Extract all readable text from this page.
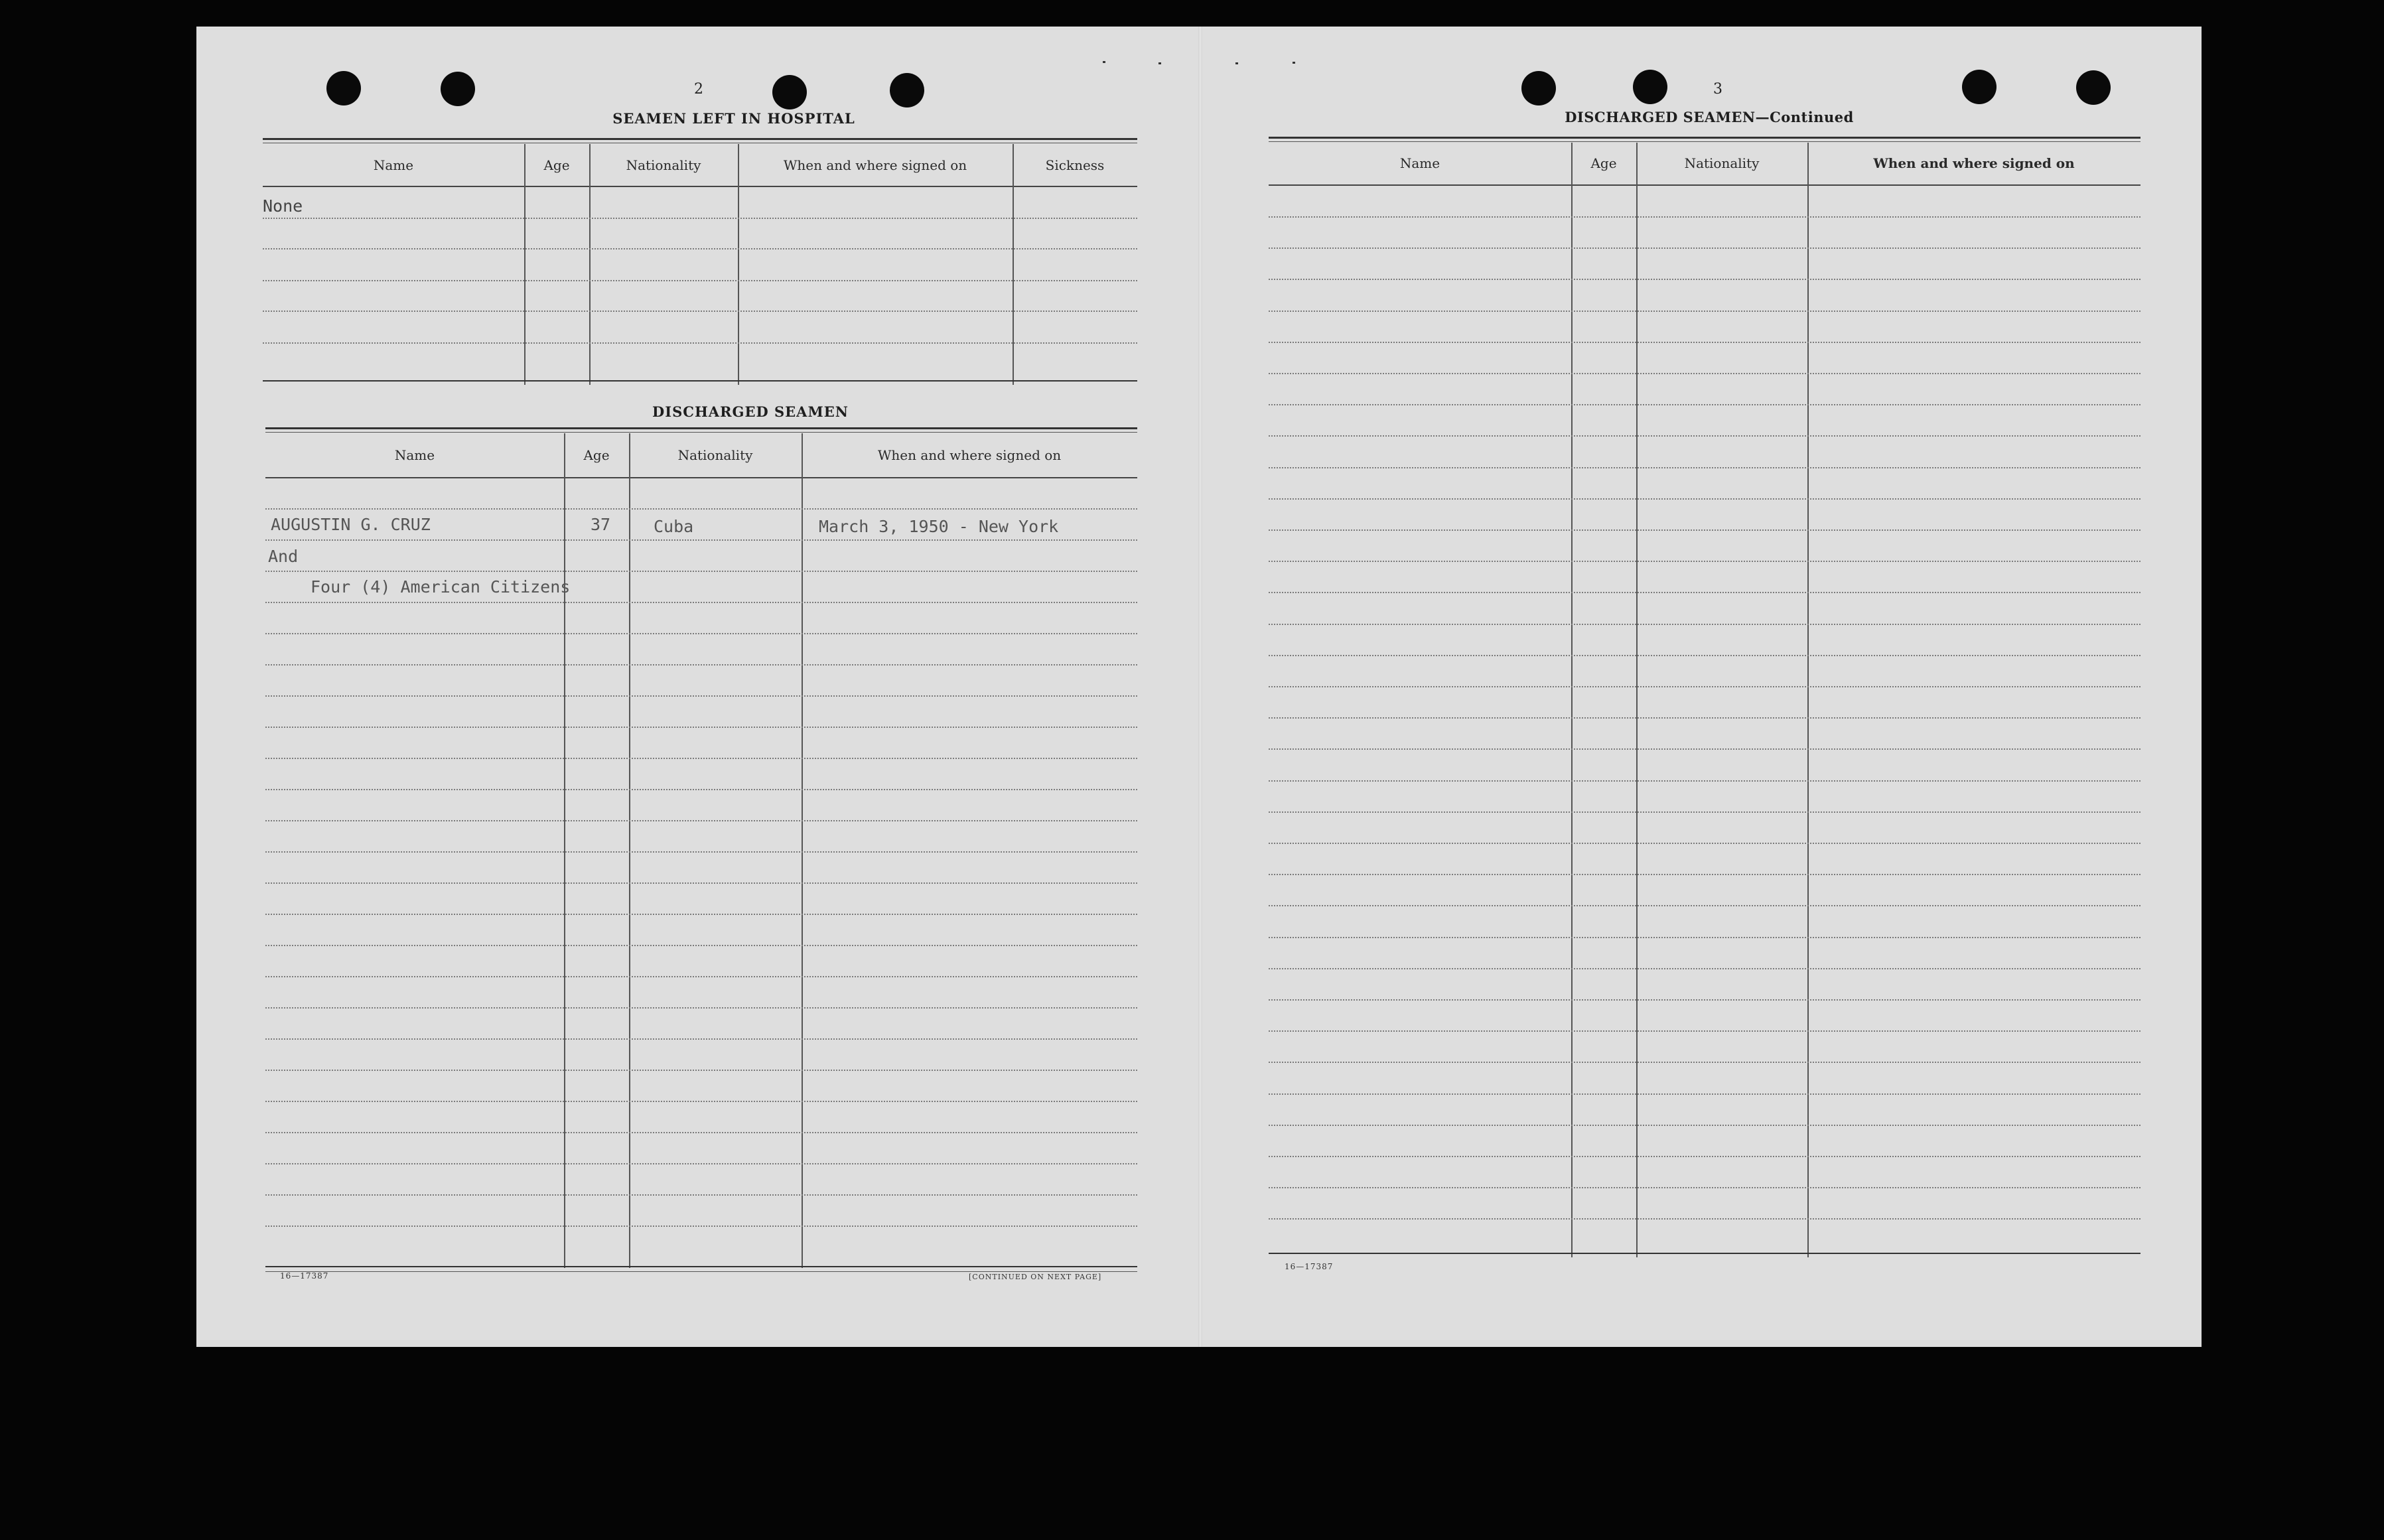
2
SEAMEN LEFT IN HOSPITAL
Name	Age	Nationality	When and where signed on	Sickness
None
DISCHARGED SEAMEN
Name	Age	Nationality	When and where signed on
AUGUSTIN G. CRUZ	37	Cuba	March 3, 1950 - New York
And
Four (4) American Citizens
16—17387	[CONTINUED ON NEXT PAGE]
3
DISCHARGED SEAMEN—Continued
Name	Age	Nationality	When and where signed on
16—17387
